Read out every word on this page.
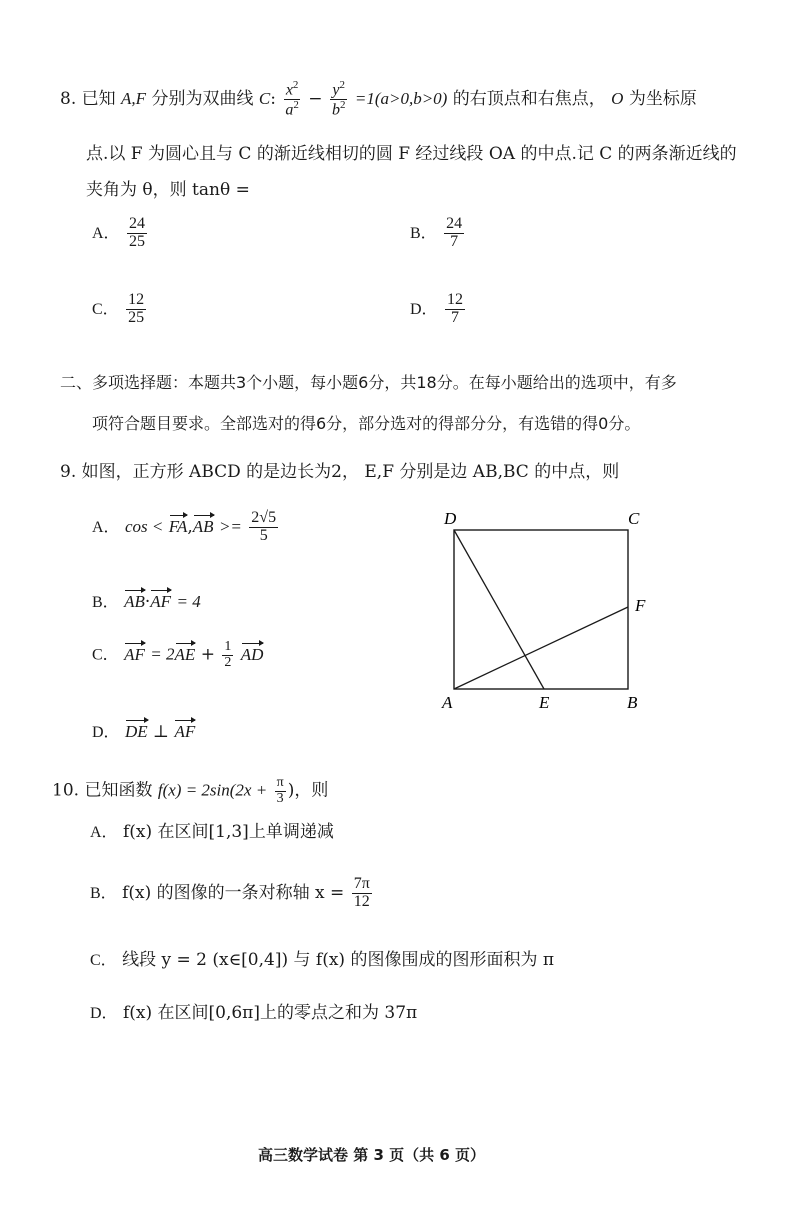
8. 已知 A,F 分别为双曲线 C: $\frac{x^2}{a^2} - \frac{y^2}{b^2} =1(a>0,b>0)$ 的右顶点和右焦点， O 为坐标原
点.以 F 为圆心且与 C 的渐近线相切的圆 F 经过线段 OA 的中点.记 C 的两条渐近线的
夹角为 θ，则 tanθ =
A． $\frac{24}{25}$	B． $\frac{24}{7}$
C． $\frac{12}{25}$	D． $\frac{12}{7}$
二、多项选择题：本题共3个小题，每小题6分，共18分。在每小题给出的选项中，有多
项符合题目要求。全部选对的得6分，部分选对的得部分分，有选错的得0分。
9. 如图，正方形 ABCD 的是边长为2， E,F 分别是边 AB,BC 的中点，则
A． $\cos < FA,AB >= \frac{2√5}{5}$
B． AB·AF = 4
C． AF = $2AE + \frac{1}{2}$ AD
D． DE ⊥ AF
D	C
F
A	E	B
10. 已知函数 $f(x) = 2\sin(2x + \frac{\pi}{3}$ )，则
A． f(x) 在区间[1,3]上单调递减
B． f(x) 的图像的一条对称轴 $x = \frac{7\pi}{12}$
C． 线段 y = 2 (x∈[0,4]) 与 f(x) 的图像围成的图形面积为 π
D． f(x) 在区间[0,6π]上的零点之和为 37π
高三数学试卷 第 3 页（共 6 页）
